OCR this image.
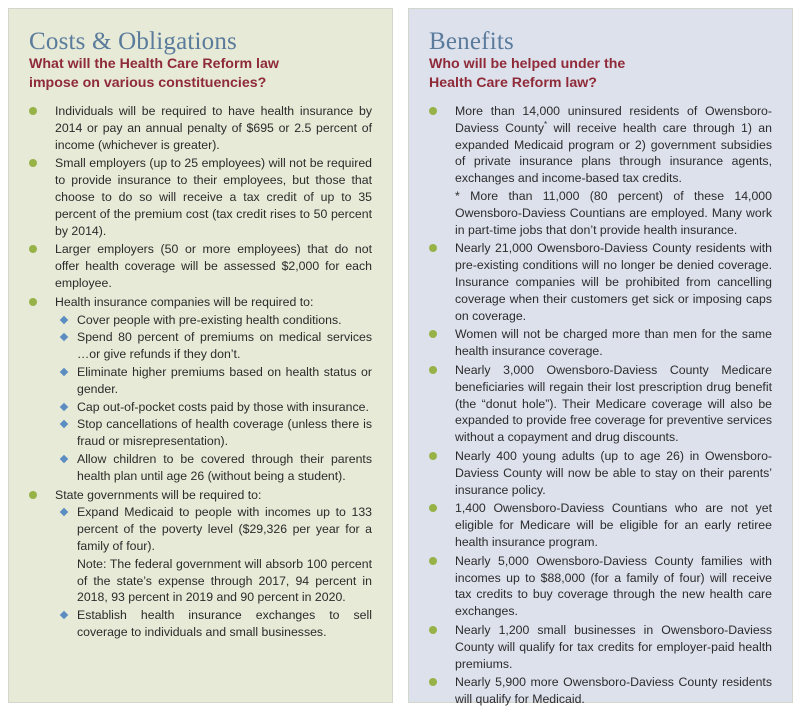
Costs & Obligations
What will the Health Care Reform law
impose on various constituencies?
Individuals will be required to have health insurance by 2014 or pay an annual penalty of $695 or 2.5 percent of income (whichever is greater).
Small employers (up to 25 employees) will not be required to provide insurance to their employees, but those that choose to do so will receive a tax credit of up to 35 percent of the premium cost (tax credit rises to 50 percent by 2014).
Larger employers (50 or more employees) that do not offer health coverage will be assessed $2,000 for each employee.
Health insurance companies will be required to:
Cover people with pre-existing health conditions.
Spend 80 percent of premiums on medical services …or give refunds if they don’t.
Eliminate higher premiums based on health status or gender.
Cap out-of-pocket costs paid by those with insurance.
Stop cancellations of health coverage (unless there is fraud or misrepresentation).
Allow children to be covered through their parents health plan until age 26 (without being a student).
State governments will be required to:
Expand Medicaid to people with incomes up to 133 percent of the poverty level ($29,326 per year for a family of four).
Note: The federal government will absorb 100 percent of the state’s expense through 2017, 94 percent in 2018, 93 percent in 2019 and 90 percent in 2020.
Establish health insurance exchanges to sell coverage to individuals and small businesses.
Benefits
Who will be helped under the
Health Care Reform law?
More than 14,000 uninsured residents of Owensboro-Daviess County* will receive health care through 1) an expanded Medicaid program or 2) government subsidies of private insurance plans through insurance agents, exchanges and income-based tax credits.
* More than 11,000 (80 percent) of these 14,000 Owensboro-Daviess Countians are employed. Many work in part-time jobs that don’t provide health insurance.
Nearly 21,000 Owensboro-Daviess County residents with pre-existing conditions will no longer be denied coverage. Insurance companies will be prohibited from cancelling coverage when their customers get sick or imposing caps on coverage.
Women will not be charged more than men for the same health insurance coverage.
Nearly 3,000 Owensboro-Daviess County Medicare beneficiaries will regain their lost prescription drug benefit (the “donut hole”). Their Medicare coverage will also be expanded to provide free coverage for preventive services without a copayment and drug discounts.
Nearly 400 young adults (up to age 26) in Owensboro-Daviess County will now be able to stay on their parents’ insurance policy.
1,400 Owensboro-Daviess Countians who are not yet eligible for Medicare will be eligible for an early retiree health insurance program.
Nearly 5,000 Owensboro-Daviess County families with incomes up to $88,000 (for a family of four) will receive tax credits to buy coverage through the new health care exchanges.
Nearly 1,200 small businesses in Owensboro-Daviess County will qualify for tax credits for employer-paid health premiums.
Nearly 5,900 more Owensboro-Daviess County residents will qualify for Medicaid.
